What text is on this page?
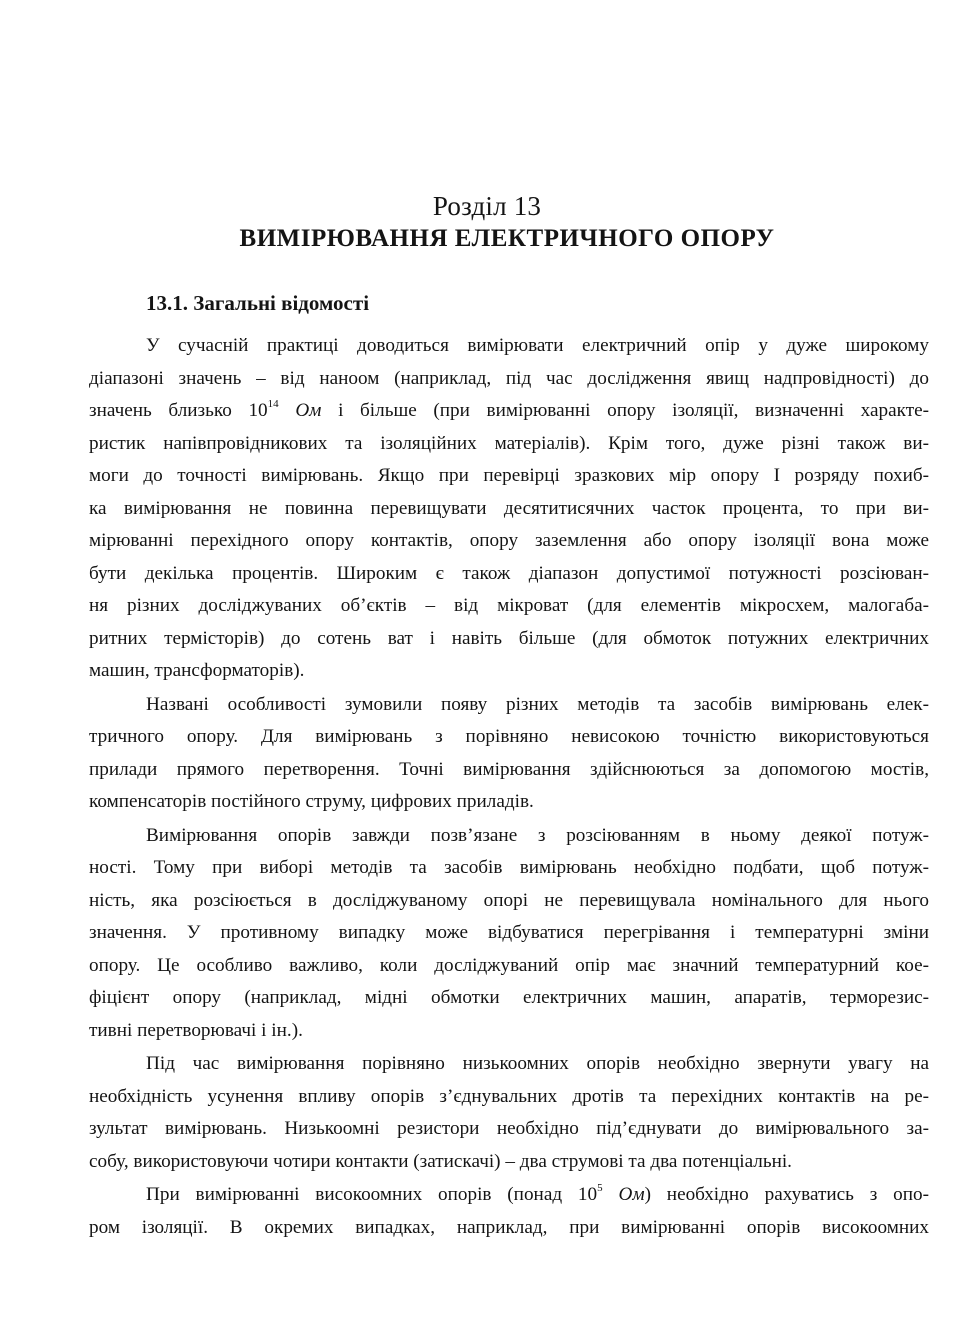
Розділ 13
ВИМІРЮВАННЯ ЕЛЕКТРИЧНОГО ОПОРУ
13.1. Загальні відомості
У сучасній практиці доводиться вимірювати електричний опір у дуже широкому
діапазоні значень – від наноом (наприклад, під час дослідження явищ надпровідності) до
значень близько $10^{14}$ Ом і більше (при вимірюванні опору ізоляції, визначенні характе-
ристик напівпровідникових та ізоляційних матеріалів). Крім того, дуже різні також ви-
моги до точності вимірювань. Якщо при перевірці зразкових мір опору І розряду похиб-
ка вимірювання не повинна перевищувати десятитисячних часток процента, то при ви-
мірюванні перехідного опору контактів, опору заземлення або опору ізоляції вона може
бути декілька процентів. Широким є також діапазон допустимої потужності розсіюван-
ня різних досліджуваних об’єктів – від мікроват (для елементів мікросхем, малогаба-
ритних термісторів) до сотень ват і навіть більше (для обмоток потужних електричних
машин, трансформаторів).
Названі особливості зумовили появу різних методів та засобів вимірювань елек-
тричного опору. Для вимірювань з порівняно невисокою точністю використовуються
прилади прямого перетворення. Точні вимірювання здійснюються за допомогою мостів,
компенсаторів постійного струму, цифрових приладів.
Вимірювання опорів завжди позв’язане з розсіюванням в ньому деякої потуж-
ності. Тому при виборі методів та засобів вимірювань необхідно подбати, щоб потуж-
ність, яка розсіюється в досліджуваному опорі не перевищувала номінального для нього
значення. У противному випадку може відбуватися перегрівання і температурні зміни
опору. Це особливо важливо, коли досліджуваний опір має значний температурний кое-
фіцієнт опору (наприклад, мідні обмотки електричних машин, апаратів, терморезис-
тивні перетворювачі і ін.).
Під час вимірювання порівняно низькоомних опорів необхідно звернути увагу на
необхідність усунення впливу опорів з’єднувальних дротів та перехідних контактів на ре-
зультат вимірювань. Низькоомні резистори необхідно під’єднувати до вимірювального за-
собу, використовуючи чотири контакти (затискачі) – два струмові та два потенціальні.
При вимірюванні високоомних опорів (понад $10^5$ Ом) необхідно рахуватись з опо-
ром ізоляції. В окремих випадках, наприклад, при вимірюванні опорів високоомних
